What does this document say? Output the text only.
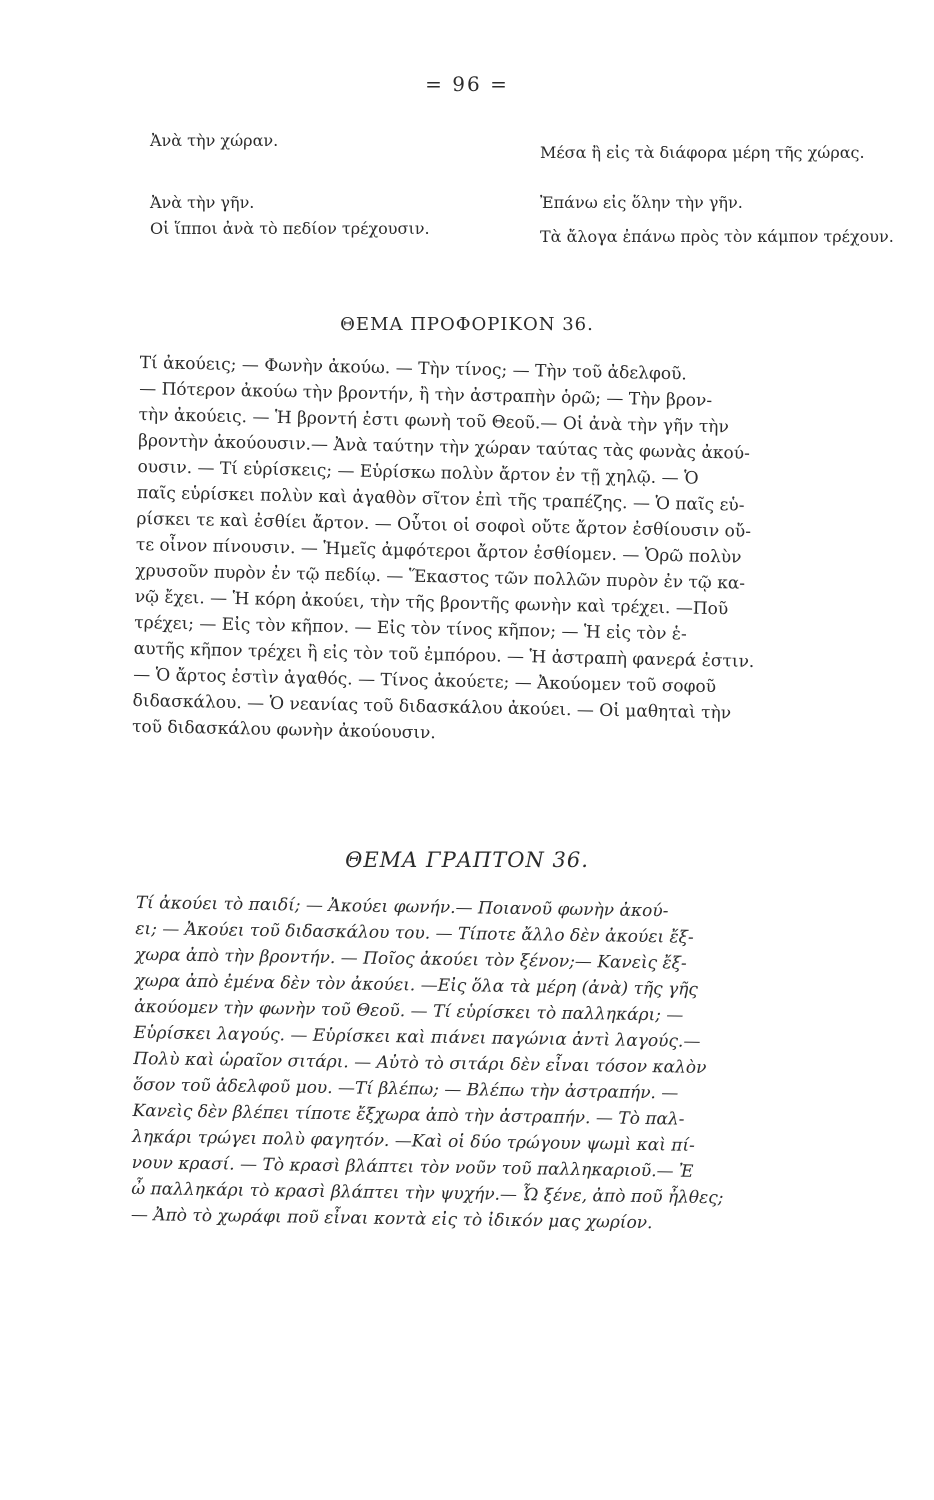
= 96 =
Ἀνὰ τὴν χώραν.
Μέσα ἢ εἰς τὰ διάφορα μέρη τῆς χώρας.
Ἀνὰ τὴν γῆν.	Ἐπάνω εἰς ὅλην τὴν γῆν.
Οἱ ἵπποι ἀνὰ τὸ πεδίον τρέχουσιν.	Τὰ ἄλογα ἐπάνω πρὸς τὸν κάμπον τρέχουν.
ΘΕΜΑ ΠΡΟΦΟΡΙΚΟΝ 36.
Τί ἀκούεις; — Φωνὴν ἀκούω. — Τὴν τίνος; — Τὴν τοῦ ἀδελφοῦ.
— Πότερον ἀκούω τὴν βροντήν, ἢ τὴν ἀστραπὴν ὁρῶ; — Τὴν βρον-
τὴν ἀκούεις. — Ἡ βροντή ἐστι φωνὴ τοῦ Θεοῦ.— Οἱ ἀνὰ τὴν γῆν τὴν
βροντὴν ἀκούουσιν.— Ἀνὰ ταύτην τὴν χώραν ταύτας τὰς φωνὰς ἀκού-
ουσιν. — Τί εὑρίσκεις; — Εὑρίσκω πολὺν ἄρτον ἐν τῇ χηλῷ. — Ὁ
παῖς εὑρίσκει πολὺν καὶ ἀγαθὸν σῖτον ἐπὶ τῆς τραπέζης. — Ὁ παῖς εὑ-
ρίσκει τε καὶ ἐσθίει ἄρτον. — Οὗτοι οἱ σοφοὶ οὔτε ἄρτον ἐσθίουσιν οὔ-
τε οἶνον πίνουσιν. — Ἡμεῖς ἀμφότεροι ἄρτον ἐσθίομεν. — Ὁρῶ πολὺν
χρυσοῦν πυρὸν ἐν τῷ πεδίῳ. — Ἕκαστος τῶν πολλῶν πυρὸν ἐν τῷ κα-
νῷ ἔχει. — Ἡ κόρη ἀκούει, τὴν τῆς βροντῆς φωνὴν καὶ τρέχει. —Ποῦ
τρέχει; — Εἰς τὸν κῆπον. — Εἰς τὸν τίνος κῆπον; — Ἡ εἰς τὸν ἑ-
αυτῆς κῆπον τρέχει ἢ εἰς τὸν τοῦ ἐμπόρου. — Ἡ ἀστραπὴ φανερά ἐστιν.
— Ὁ ἄρτος ἐστὶν ἀγαθός. — Τίνος ἀκούετε; — Ἀκούομεν τοῦ σοφοῦ
διδασκάλου. — Ὁ νεανίας τοῦ διδασκάλου ἀκούει. — Οἱ μαθηταὶ τὴν
τοῦ διδασκάλου φωνὴν ἀκούουσιν.
ΘΕΜΑ ΓΡΑΠΤΟΝ 36.
Τί ἀκούει τὸ παιδί; — Ἀκούει φωνήν.— Ποιανοῦ φωνὴν ἀκού-
ει; — Ἀκούει τοῦ διδασκάλου του. — Τίποτε ἄλλο δὲν ἀκούει ἔξ-
χωρα ἀπὸ τὴν βροντήν. — Ποῖος ἀκούει τὸν ξένον;— Κανεὶς ἔξ-
χωρα ἀπὸ ἐμένα δὲν τὸν ἀκούει. —Εἰς ὅλα τὰ μέρη (ἀνὰ) τῆς γῆς
ἀκούομεν τὴν φωνὴν τοῦ Θεοῦ. — Τί εὑρίσκει τὸ παλληκάρι; —
Εὑρίσκει λαγούς. — Εὑρίσκει καὶ πιάνει παγώνια ἀντὶ λαγούς.—
Πολὺ καὶ ὡραῖον σιτάρι. — Αὐτὸ τὸ σιτάρι δὲν εἶναι τόσον καλὸν
ὅσον τοῦ ἀδελφοῦ μου. —Τί βλέπω; — Βλέπω τὴν ἀστραπήν. —
Κανεὶς δὲν βλέπει τίποτε ἔξχωρα ἀπὸ τὴν ἀστραπήν. — Τὸ παλ-
ληκάρι τρώγει πολὺ φαγητόν. —Καὶ οἱ δύο τρώγουν ψωμὶ καὶ πί-
νουν κρασί. — Τὸ κρασὶ βλάπτει τὸν νοῦν τοῦ παλληκαριοῦ.— Ἐ
ὦ παλληκάρι τὸ κρασὶ βλάπτει τὴν ψυχήν.— Ὦ ξένε, ἀπὸ ποῦ ἦλθες;
— Ἀπὸ τὸ χωράφι ποῦ εἶναι κοντὰ εἰς τὸ ἰδικόν μας χωρίον.
